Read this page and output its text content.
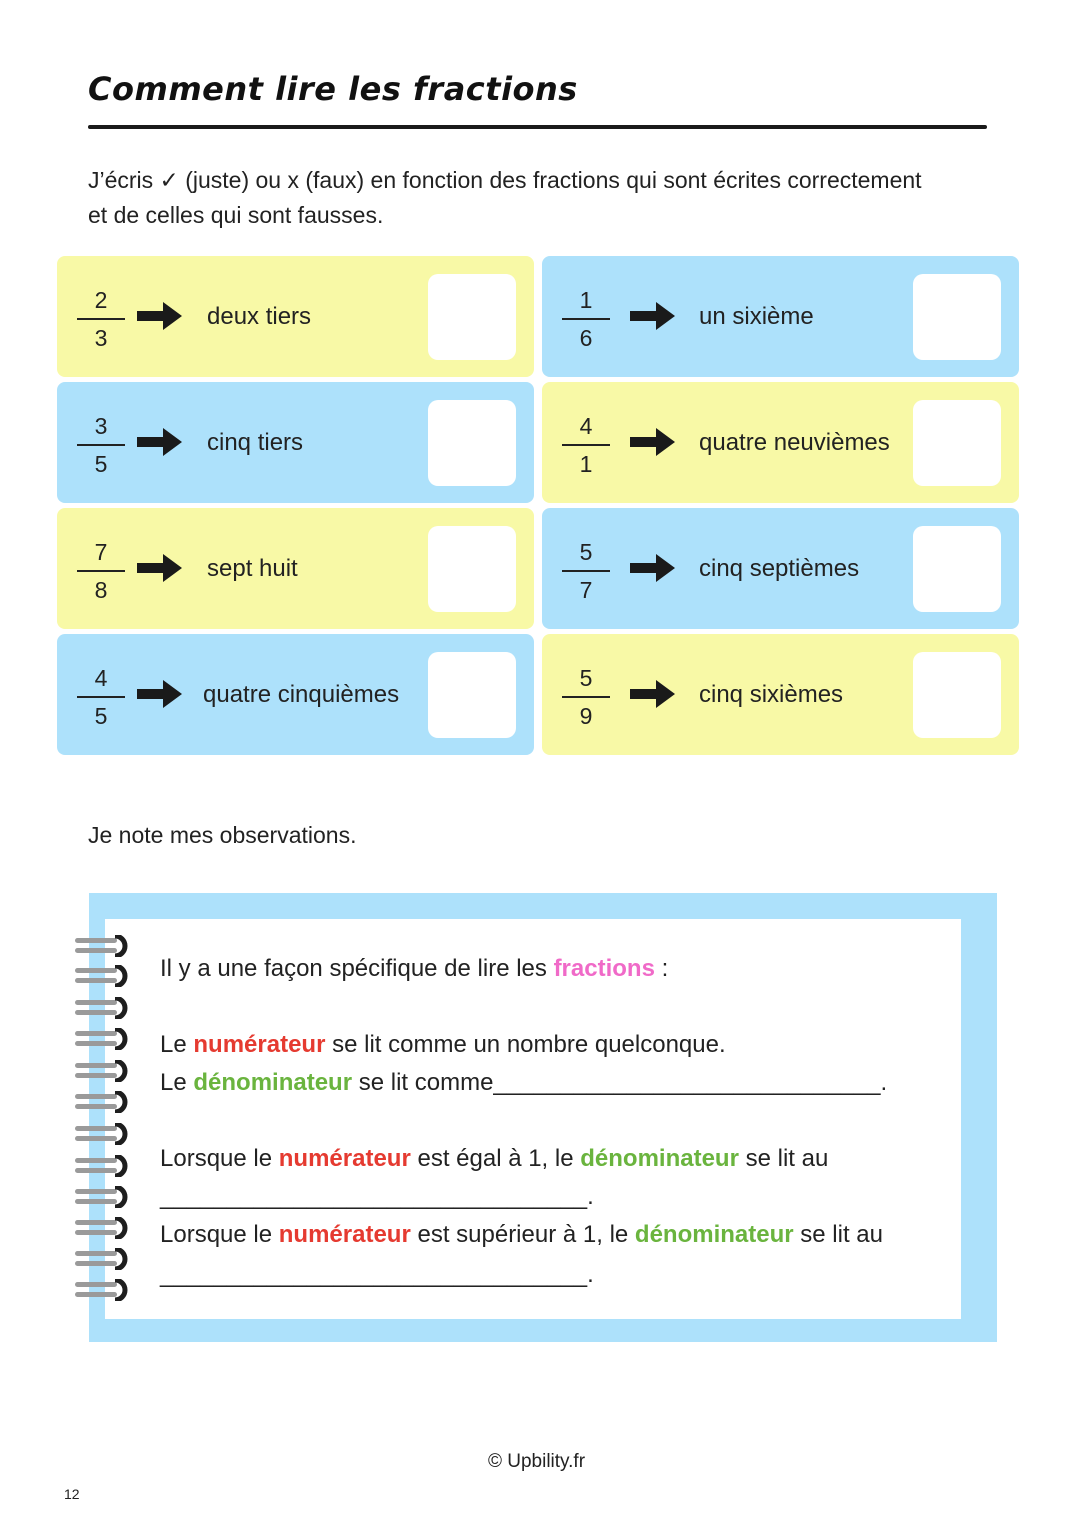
Comment lire les fractions
J’écris ✓ (juste) ou x (faux) en fonction des fractions qui sont écrites correctement et de celles qui sont fausses.
2
3
deux tiers
1
6
un sixième
3
5
cinq tiers
4
1
quatre neuvièmes
7
8
sept huit
5
7
cinq septièmes
4
5
quatre cinquièmes
5
9
cinq sixièmes
Je note mes observations.
Il y a une façon spécifique de lire les fractions :
Le numérateur se lit comme un nombre quelconque.
Le dénominateur se lit comme_____________________________.
Lorsque le numérateur est égal à 1, le dénominateur se lit au
________________________________.
Lorsque le numérateur est supérieur à 1, le dénominateur se lit au
________________________________.
© Upbility.fr
12
